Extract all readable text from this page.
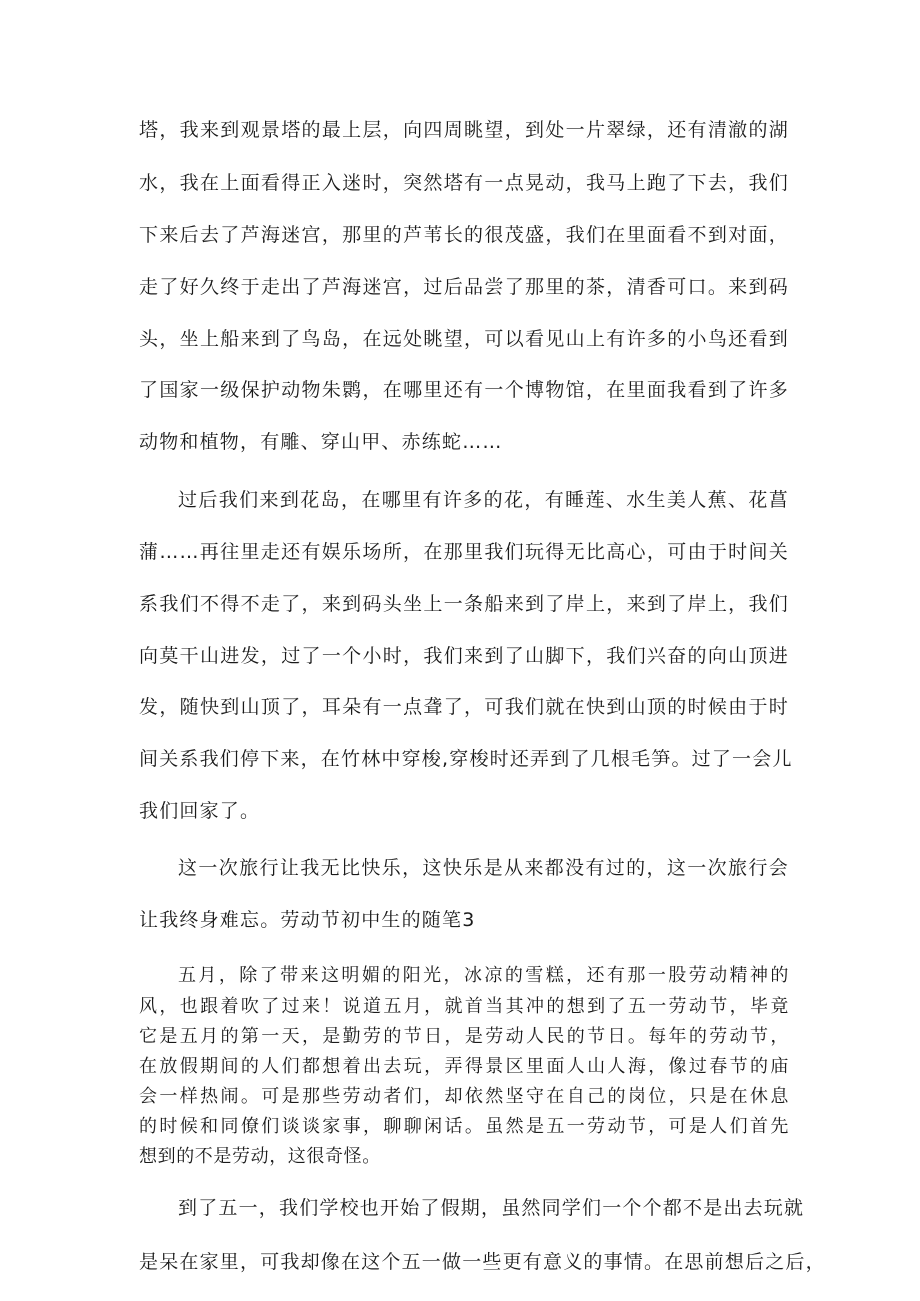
塔，我来到观景塔的最上层，向四周眺望，到处一片翠绿，还有清澈的湖
水，我在上面看得正入迷时，突然塔有一点晃动，我马上跑了下去，我们
下来后去了芦海迷宫，那里的芦苇长的很茂盛，我们在里面看不到对面，
走了好久终于走出了芦海迷宫，过后品尝了那里的茶，清香可口。来到码
头，坐上船来到了鸟岛，在远处眺望，可以看见山上有许多的小鸟还看到
了国家一级保护动物朱鹮，在哪里还有一个博物馆，在里面我看到了许多
动物和植物，有雕、穿山甲、赤练蛇……
过后我们来到花岛，在哪里有许多的花，有睡莲、水生美人蕉、花菖
蒲……再往里走还有娱乐场所，在那里我们玩得无比高心，可由于时间关
系我们不得不走了，来到码头坐上一条船来到了岸上，来到了岸上，我们
向莫干山进发，过了一个小时，我们来到了山脚下，我们兴奋的向山顶进
发，随快到山顶了，耳朵有一点聋了，可我们就在快到山顶的时候由于时
间关系我们停下来，在竹林中穿梭,穿梭时还弄到了几根毛笋。过了一会儿
我们回家了。
这一次旅行让我无比快乐，这快乐是从来都没有过的，这一次旅行会
让我终身难忘。劳动节初中生的随笔3
五月，除了带来这明媚的阳光，冰凉的雪糕，还有那一股劳动精神的
风，也跟着吹了过来！说道五月，就首当其冲的想到了五一劳动节，毕竟
它是五月的第一天，是勤劳的节日，是劳动人民的节日。每年的劳动节，
在放假期间的人们都想着出去玩，弄得景区里面人山人海，像过春节的庙
会一样热闹。可是那些劳动者们，却依然坚守在自己的岗位，只是在休息
的时候和同僚们谈谈家事，聊聊闲话。虽然是五一劳动节，可是人们首先
想到的不是劳动，这很奇怪。
到了五一，我们学校也开始了假期，虽然同学们一个个都不是出去玩就
是呆在家里，可我却像在这个五一做一些更有意义的事情。在思前想后之后，
